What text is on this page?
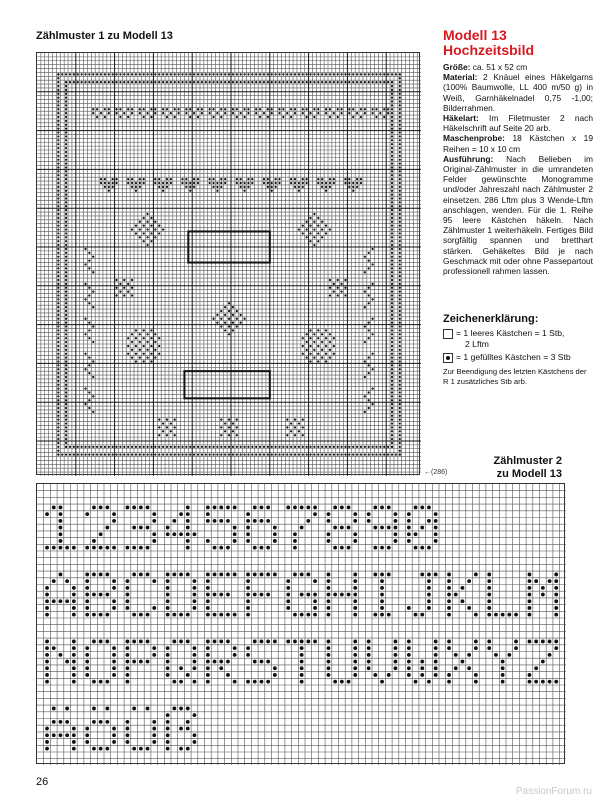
Zählmuster 1 zu Modell 13
←(286)
Modell 13
Hochzeitsbild

Größe: ca. 51 x 52 cm

Material: 2 Knäuel eines Häkelgarns (100% Baumwolle, LL 400 m/50 g) in Weiß, Garnhäkelnadel 0,75 -1,00; Bilderrahmen.

Häkelart: Im Filetmuster 2 nach Häkelschrift auf Seite 20 arb.

Maschenprobe: 18 Kästchen x 19 Reihen = 10 x 10 cm

Ausführung: Nach Belieben im Original-Zählmuster in die umrandeten Felder gewünschte Monogramme und/oder Jahreszahl nach Zählmuster 2 einsetzen. 286 Lftm plus 3 Wende-Lftm anschlagen, wenden. Für die 1. Reihe 95 leere Kästchen häkeln. Nach Zählmuster 1 weiterhäkeln. Fertiges Bild sorgfältig spannen und bretthart stärken. Gehäkeltes Bild je nach Geschmack mit oder ohne Passepartout professionell rahmen lassen.

Zeichenerklärung:
= 1 leeres Kästchen = 1 Stb,
2 Lftm
= 1 gefülltes Kästchen = 3 Stb
Zur Beendigung des letzten Kästchens der R 1 zusätzliches Stb arb.
Zählmuster 2
zu Modell 13
26
PassionForum.ru
